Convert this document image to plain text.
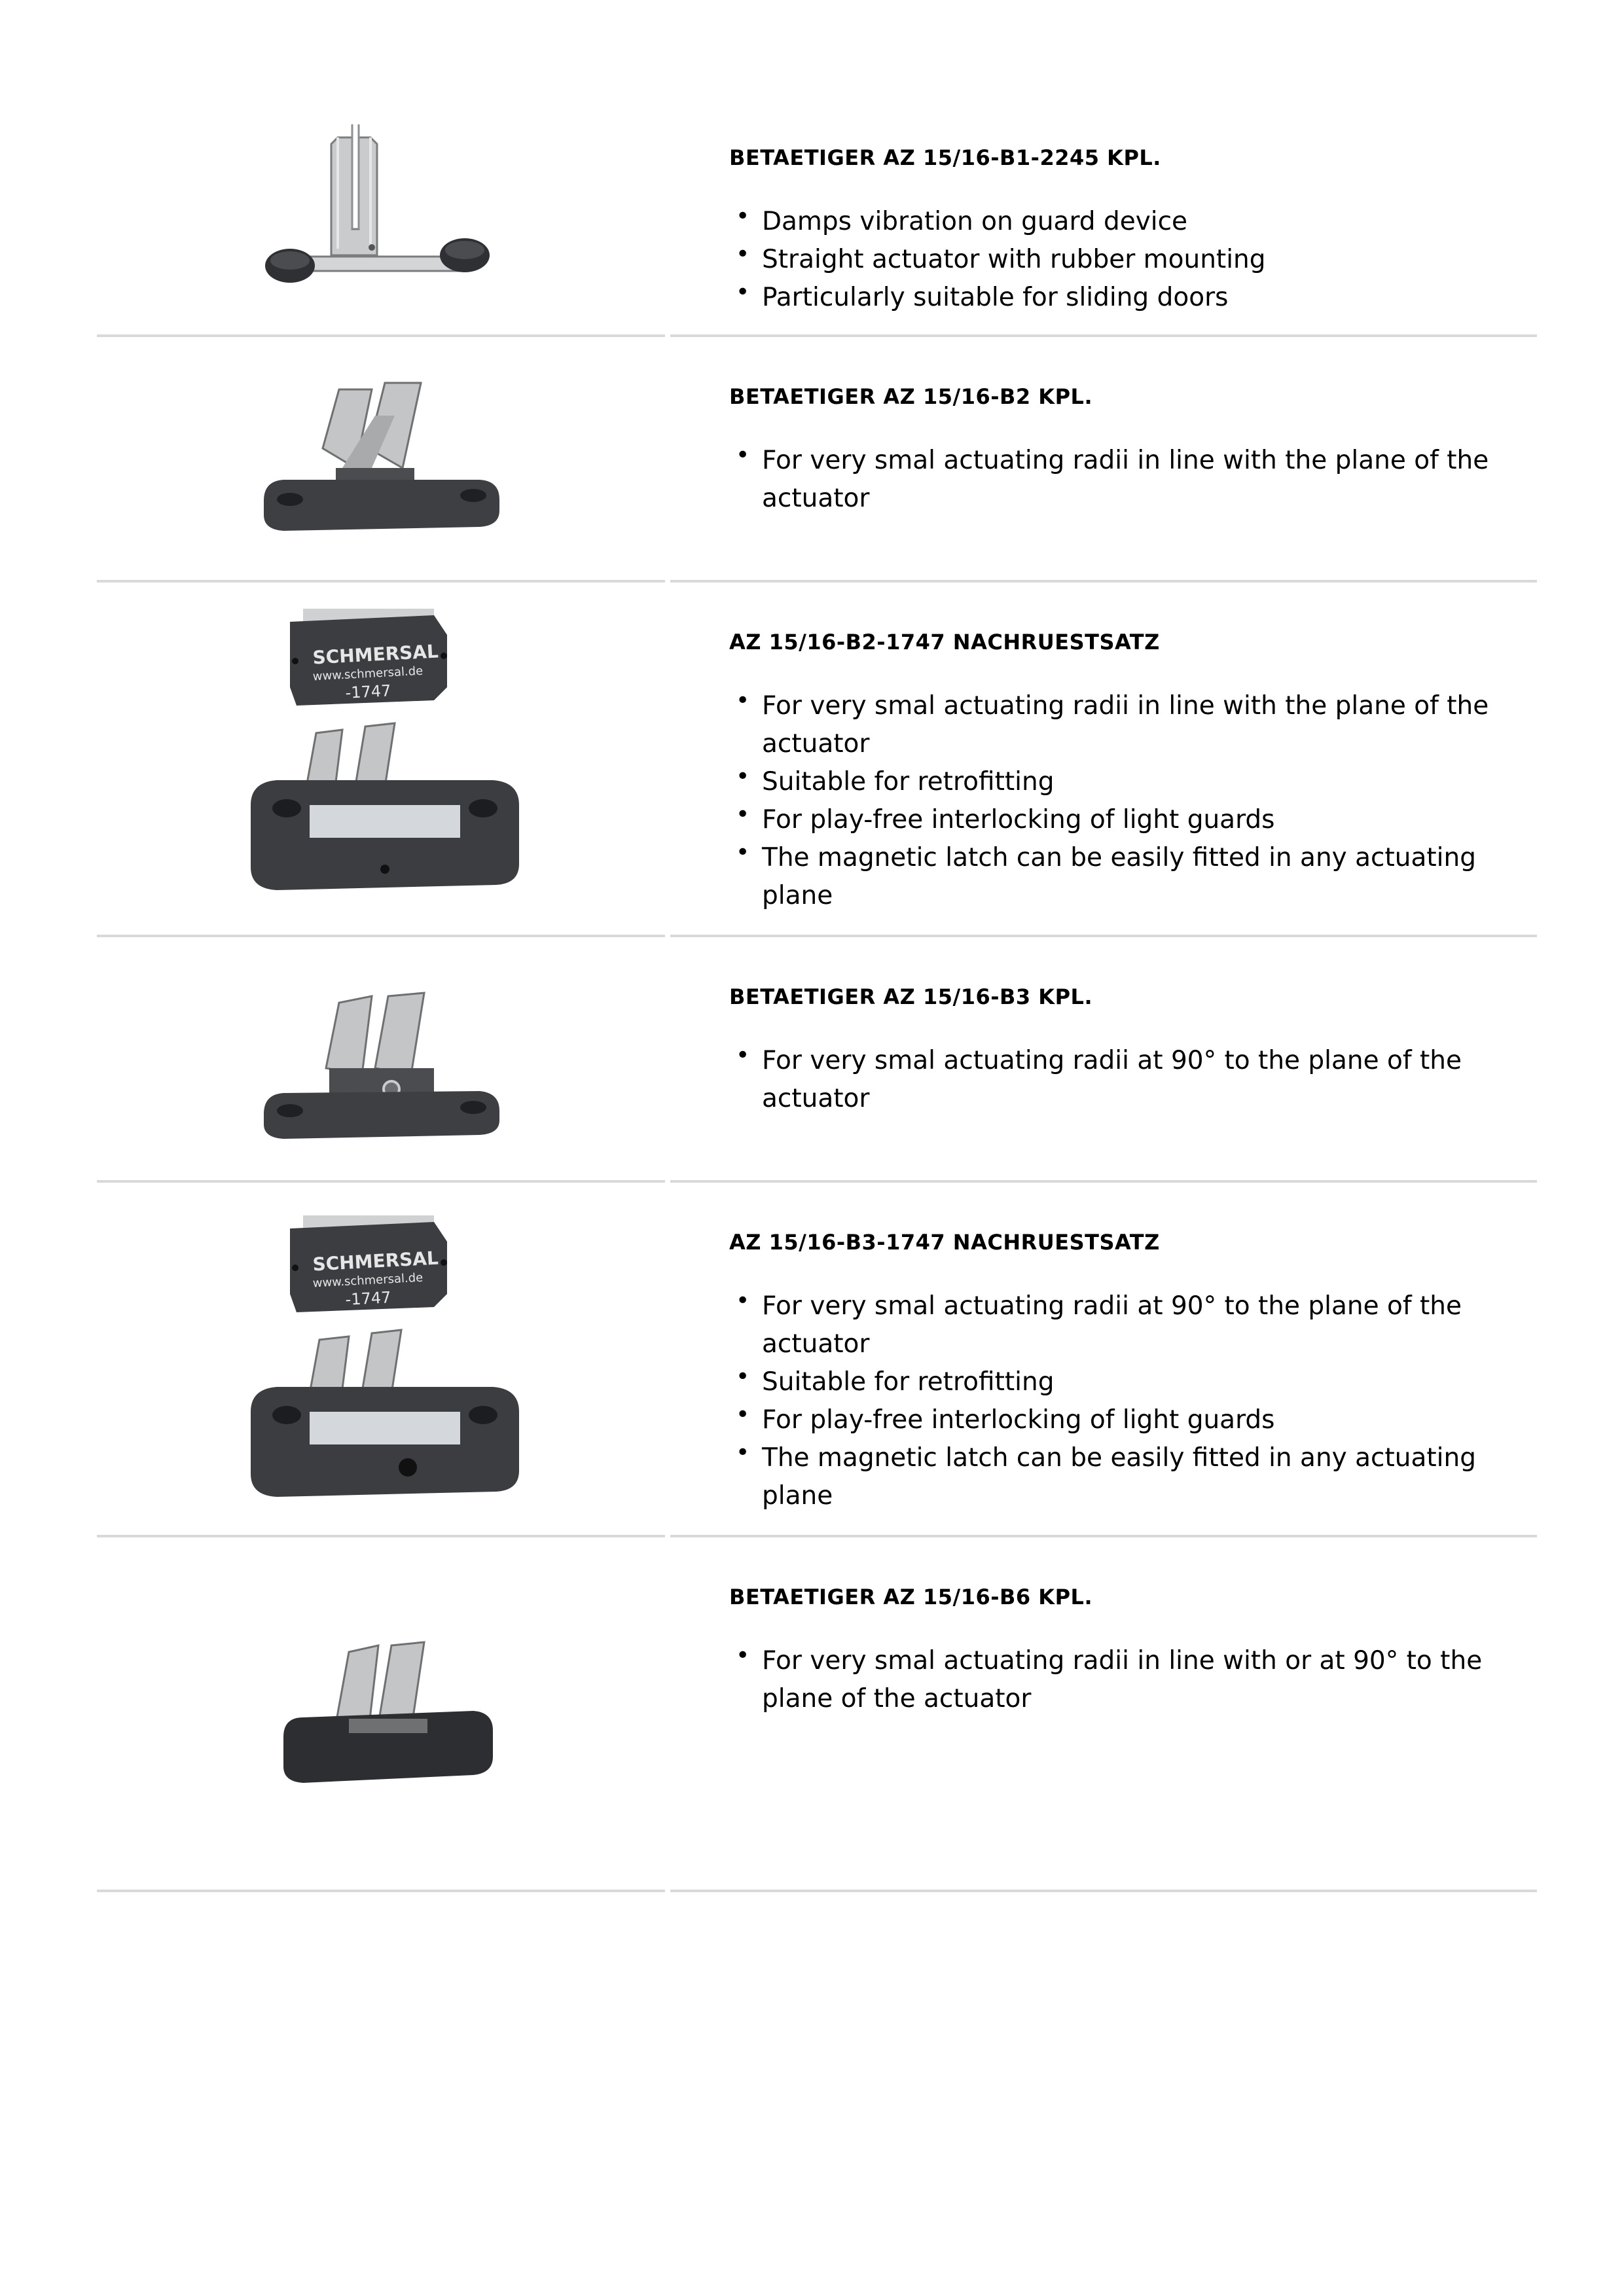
BETAETIGER AZ 15/16-B1-2245 KPL.
• Damps vibration on guard device
• Straight actuator with rubber mounting
• Particularly suitable for sliding doors
BETAETIGER AZ 15/16-B2 KPL.
• For very smal actuating radii in line with the plane of the actuator
SCHMERSAL
www.schmersal.de
-1747
AZ 15/16-B2-1747 NACHRUESTSATZ
• For very smal actuating radii in line with the plane of the actuator
• Suitable for retrofitting
• For play-free interlocking of light guards
• The magnetic latch can be easily fitted in any actuating plane
BETAETIGER AZ 15/16-B3 KPL.
• For very smal actuating radii at 90° to the plane of the actuator
SCHMERSAL
www.schmersal.de
-1747
AZ 15/16-B3-1747 NACHRUESTSATZ
• For very smal actuating radii at 90° to the plane of the actuator
• Suitable for retrofitting
• For play-free interlocking of light guards
• The magnetic latch can be easily fitted in any actuating plane
BETAETIGER AZ 15/16-B6 KPL.
• For very smal actuating radii in line with or at 90° to the plane of the actuator
